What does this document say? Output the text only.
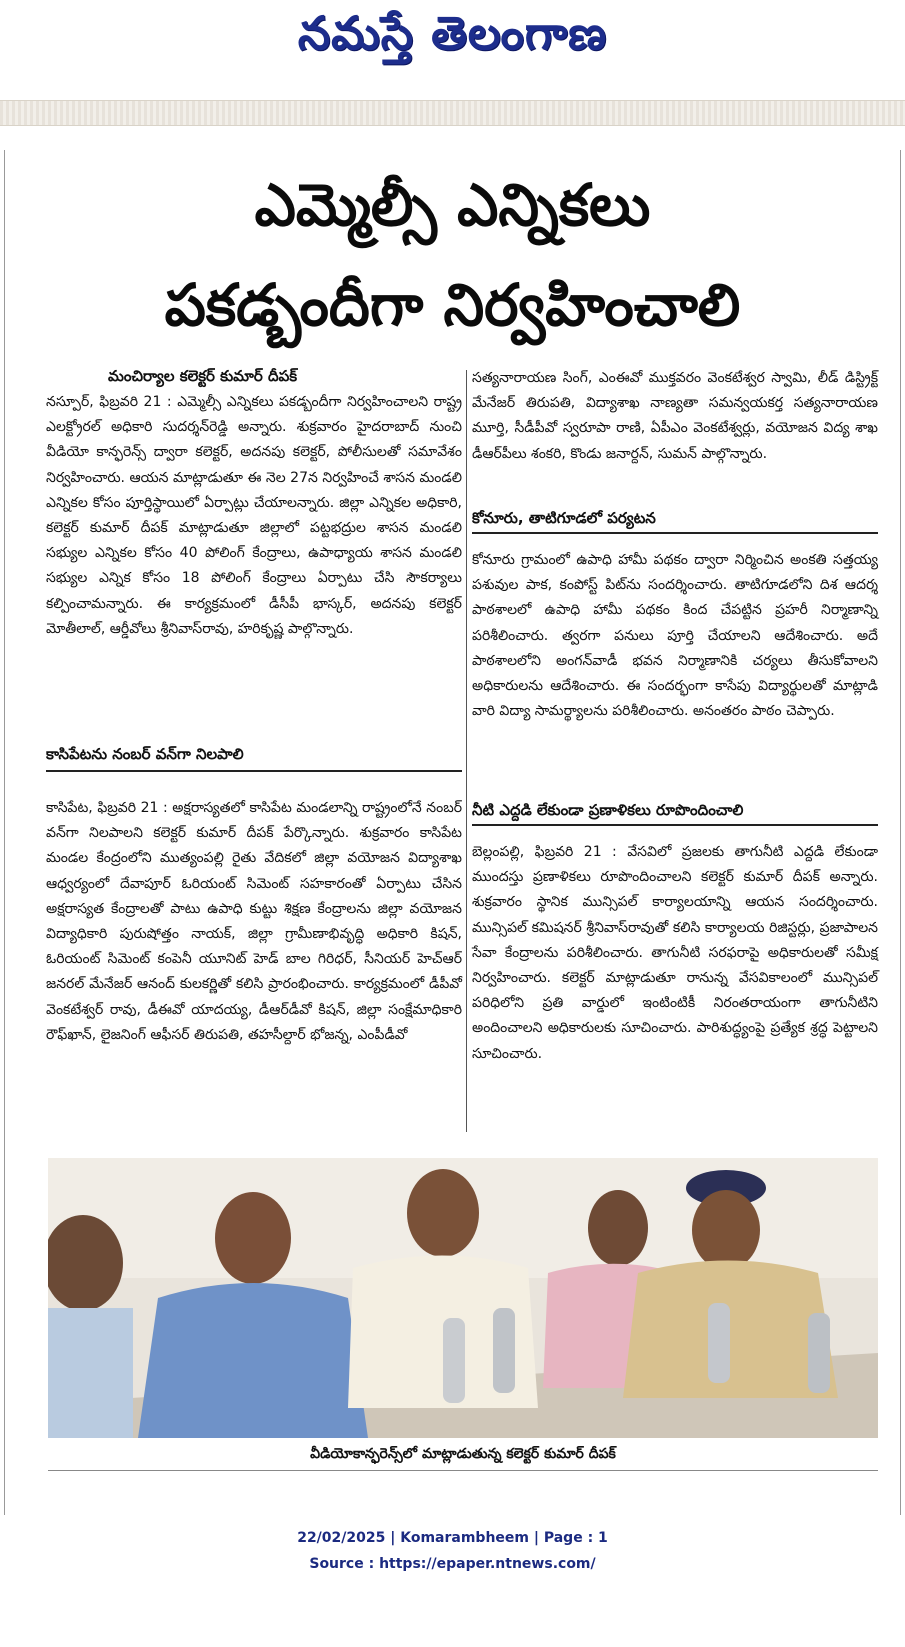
నమస్తే తెలంగాణ
ఎమ్మెల్సీ ఎన్నికలు
పకడ్బందీగా నిర్వహించాలి
మంచిర్యాల కలెక్టర్ కుమార్ దీపక్
నస్పూర్, ఫిబ్రవరి 21 : ఎమ్మెల్సీ ఎన్నికలు పకడ్బందీగా నిర్వహించాలని రాష్ట్ర ఎలక్ట్రోరల్ అధికారి సుదర్శన్‌రెడ్డి అన్నారు. శుక్రవారం హైదరాబాద్ నుంచి వీడియో కాన్ఫరెన్స్ ద్వారా కలెక్టర్, అదనపు కలెక్టర్, పోలీసులతో సమావేశం నిర్వహించారు. ఆయన మాట్లాడుతూ ఈ నెల 27న నిర్వహించే శాసన మండలి ఎన్నికల కోసం పూర్తిస్థాయిలో ఏర్పాట్లు చేయాలన్నారు. జిల్లా ఎన్నికల అధికారి, కలెక్టర్ కుమార్ దీపక్ మాట్లాడుతూ జిల్లాలో పట్టభద్రుల శాసన మండలి సభ్యుల ఎన్నికల కోసం 40 పోలింగ్ కేంద్రాలు, ఉపాధ్యాయ శాసన మండలి సభ్యుల ఎన్నిక కోసం 18 పోలింగ్ కేంద్రాలు ఏర్పాటు చేసి సౌకర్యాలు కల్పించామన్నారు. ఈ కార్యక్రమంలో డీసీపీ భాస్కర్, అదనపు కలెక్టర్ మోతీలాల్, ఆర్డీవోలు శ్రీనివాస్‌రావు, హరికృష్ణ పాల్గొన్నారు.
కాసిపేటను నంబర్ వన్‌గా నిలపాలి
కాసిపేట, ఫిబ్రవరి 21 : అక్షరాస్యతలో కాసిపేట మండలాన్ని రాష్ట్రంలోనే నంబర్ వన్‌గా నిలపాలని కలెక్టర్ కుమార్ దీపక్ పేర్కొన్నారు. శుక్రవారం కాసిపేట మండల కేంద్రంలోని ముత్యంపల్లి రైతు వేదికలో జిల్లా వయోజన విద్యాశాఖ ఆధ్వర్యంలో దేవాపూర్ ఓరియంట్ సిమెంట్ సహకారంతో ఏర్పాటు చేసిన అక్షరాస్యత కేంద్రాలతో పాటు ఉపాధి కుట్టు శిక్షణ కేంద్రాలను జిల్లా వయోజన విద్యాధికారి పురుషోత్తం నాయక్, జిల్లా గ్రామీణాభివృద్ధి అధికారి కిషన్, ఓరియంట్ సిమెంట్ కంపెనీ యూనిట్ హెడ్ బాల గిరిధర్, సీనియర్ హెచ్‌ఆర్ జనరల్ మేనేజర్ ఆనంద్ కులకర్ణితో కలిసి ప్రారంభించారు. కార్యక్రమంలో డీపీవో వెంకటేశ్వర్ రావు, డీఈవో యాదయ్య, డీఆర్‌డీవో కిషన్, జిల్లా సంక్షేమాధికారి రౌఫ్‌ఖాన్, లైజనింగ్ ఆఫీసర్ తిరుపతి, తహసీల్దార్ భోజన్న, ఎంపీడీవో
సత్యనారాయణ సింగ్, ఎంఈవో ముక్తవరం వెంకటేశ్వర స్వామి, లీడ్ డిస్ట్రిక్ట్ మేనేజర్ తిరుపతి, విద్యాశాఖ నాణ్యతా సమన్వయకర్త సత్యనారాయణ మూర్తి, సీడీపీవో స్వరూపా రాణి, ఏపీఎం వెంకటేశ్వర్లు, వయోజన విద్య శాఖ డీఆర్‌పీలు శంకరి, కొండు జనార్దన్, సుమన్ పాల్గొన్నారు.
కోనూరు, తాటిగూడలో పర్యటన
కోనూరు గ్రామంలో ఉపాధి హామీ పథకం ద్వారా నిర్మించిన అంకతి సత్తయ్య పశువుల పాక, కంపోస్ట్ పిట్‌ను సందర్శించారు. తాటిగూడలోని దిశ ఆదర్శ పాఠశాలలో ఉపాధి హామీ పథకం కింద చేపట్టిన ప్రహరీ నిర్మాణాన్ని పరిశీలించారు. త్వరగా పనులు పూర్తి చేయాలని ఆదేశించారు. అదే పాఠశాలలోని అంగన్‌వాడీ భవన నిర్మాణానికి చర్యలు తీసుకోవాలని అధికారులను ఆదేశించారు. ఈ సందర్భంగా కాసేపు విద్యార్థులతో మాట్లాడి వారి విద్యా సామర్థ్యాలను పరిశీలించారు. అనంతరం పాఠం చెప్పారు.
నీటి ఎద్దడి లేకుండా ప్రణాళికలు రూపొందించాలి
బెల్లంపల్లి, ఫిబ్రవరి 21 : వేసవిలో ప్రజలకు తాగునీటి ఎద్దడి లేకుండా ముందస్తు ప్రణాళికలు రూపొందించాలని కలెక్టర్ కుమార్ దీపక్ అన్నారు. శుక్రవారం స్థానిక మున్సిపల్ కార్యాలయాన్ని ఆయన సందర్శించారు. మున్సిపల్ కమిషనర్ శ్రీనివాస్‌రావుతో కలిసి కార్యాలయ రిజిస్టర్లు, ప్రజాపాలన సేవా కేంద్రాలను పరిశీలించారు. తాగునీటి సరఫరాపై అధికారులతో సమీక్ష నిర్వహించారు. కలెక్టర్ మాట్లాడుతూ రానున్న వేసవికాలంలో మున్సిపల్ పరిధిలోని ప్రతి వార్డులో ఇంటింటికీ నిరంతరాయంగా తాగునీటిని అందించాలని అధికారులకు సూచించారు. పారిశుద్ధ్యంపై ప్రత్యేక శ్రద్ధ పెట్టాలని సూచించారు.
వీడియోకాన్ఫరెన్స్‌లో మాట్లాడుతున్న కలెక్టర్ కుమార్ దీపక్
22/02/2025 | Komarambheem | Page : 1
Source : https://epaper.ntnews.com/
